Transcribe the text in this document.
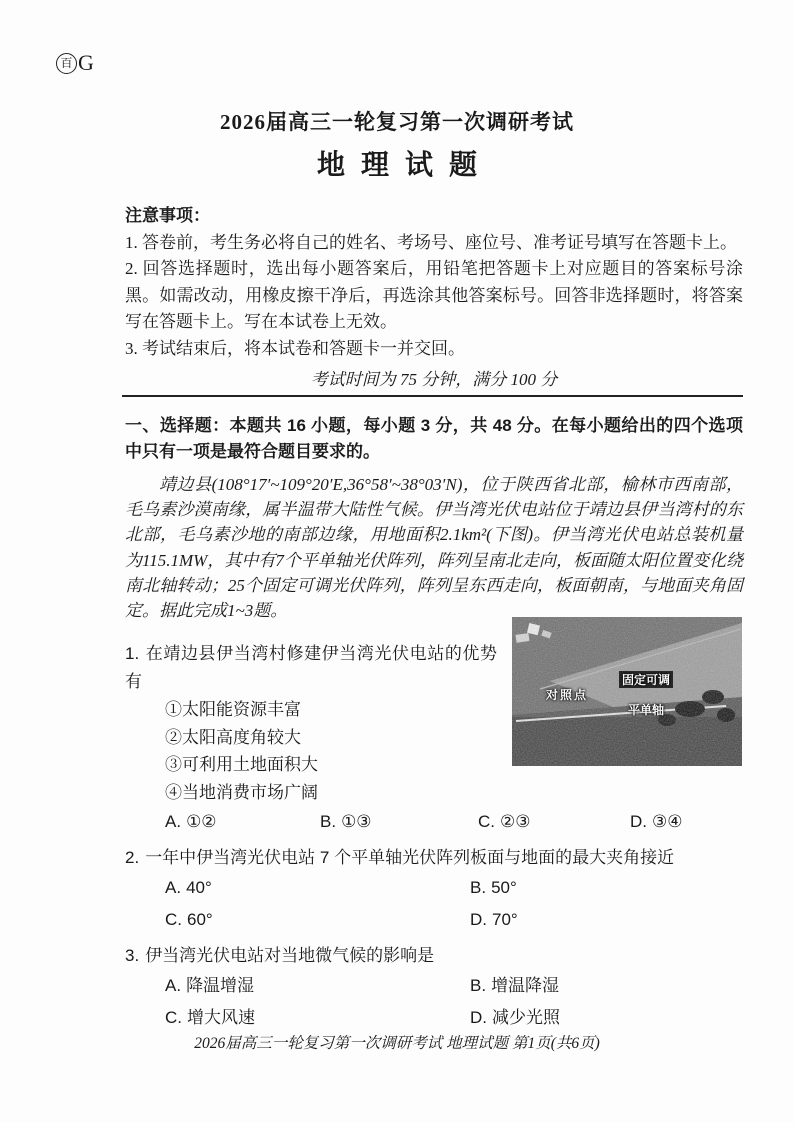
百 G
2026届高三一轮复习第一次调研考试
地理试题
注意事项：

1. 答卷前，考生务必将自己的姓名、考场号、座位号、准考证号填写在答题卡上。

2. 回答选择题时，选出每小题答案后，用铅笔把答题卡上对应题目的答案标号涂黑。如需改动，用橡皮擦干净后，再选涂其他答案标号。回答非选择题时，将答案写在答题卡上。写在本试卷上无效。

3. 考试结束后，将本试卷和答题卡一并交回。

考试时间为 75 分钟，满分 100 分
一、选择题：本题共 16 小题，每小题 3 分，共 48 分。在每小题给出的四个选项中只有一项是最符合题目要求的。

靖边县(108°17′~109°20′E,36°58′~38°03′N)，位于陕西省北部，榆林市西南部，毛乌素沙漠南缘，属半温带大陆性气候。伊当湾光伏电站位于靖边县伊当湾村的东北部，毛乌素沙地的南部边缘，用地面积2.1km²(下图)。伊当湾光伏电站总装机量为115.1MW，其中有7个平单轴光伏阵列，阵列呈南北走向，板面随太阳位置变化绕南北轴转动；25个固定可调光伏阵列，阵列呈东西走向，板面朝南，与地面夹角固定。据此完成1~3题。

1. 在靖边县伊当湾村修建伊当湾光伏电站的优势有

①太阳能资源丰富
②太阳高度角较大
③可利用土地面积大
④当地消费市场广阔
A. ①②	B. ①③	C. ②③	D. ③④

2. 一年中伊当湾光伏电站 7 个平单轴光伏阵列板面与地面的最大夹角接近

A. 40°	B. 50°
C. 60°	D. 70°

3. 伊当湾光伏电站对当地微气候的影响是

A. 降温增湿	B. 增温降湿
C. 增大风速	D. 减少光照
对照点
固定可调
平单轴
2026届高三一轮复习第一次调研考试 地理试题 第1页(共6页)
